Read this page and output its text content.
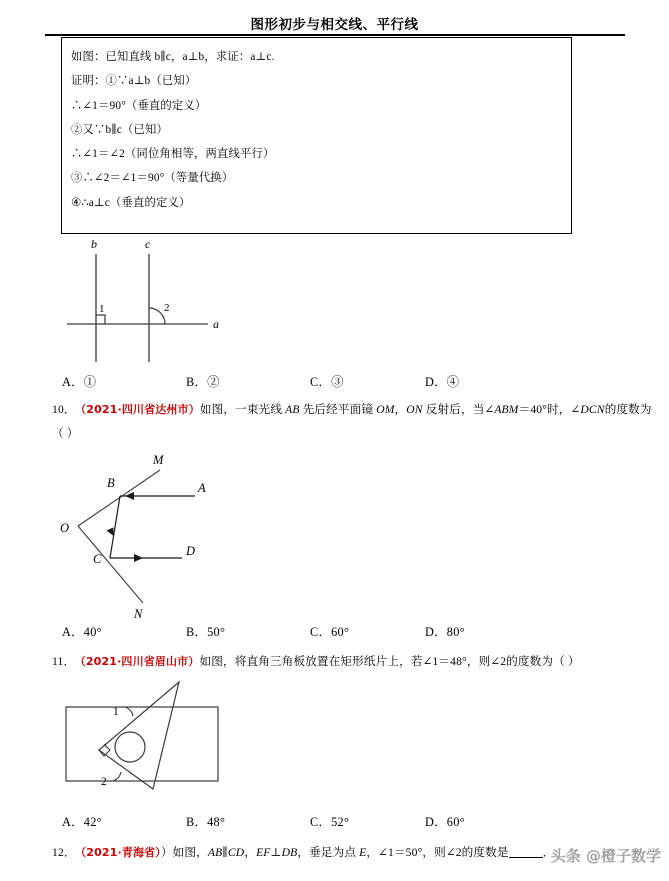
图形初步与相交线、平行线
如图：已知直线 b∥c，a⊥b，求证：a⊥c.
证明：①∵a⊥b（已知）
∴∠1＝90°（垂直的定义）
②又∵b∥c（已知）
∴∠1＝∠2（同位角相等，两直线平行）
③∴∠2＝∠1＝90°（等量代换）
④∴a⊥c（垂直的定义）
b	c
a
1	2
A．①	B．②	C．③	D．④
10． （2021·四川省达州市）如图，一束光线 AB 先后经平面镜 OM，ON 反射后，当∠ABM＝40°时，∠DCN的度数为（ ）
M
B	A
O
C
D
N
A．40°	B．50°	C．60°	D．80°
11． （2021·四川省眉山市）如图，将直角三角板放置在矩形纸片上，若∠1＝48°，则∠2的度数为（ ）
1
2
A．42°	B．48°	C．52°	D．60°
12． （2021·青海省））如图，AB∥CD，EF⊥DB，垂足为点 E，∠1＝50°，则∠2的度数是	．
头条 @橙子数学
